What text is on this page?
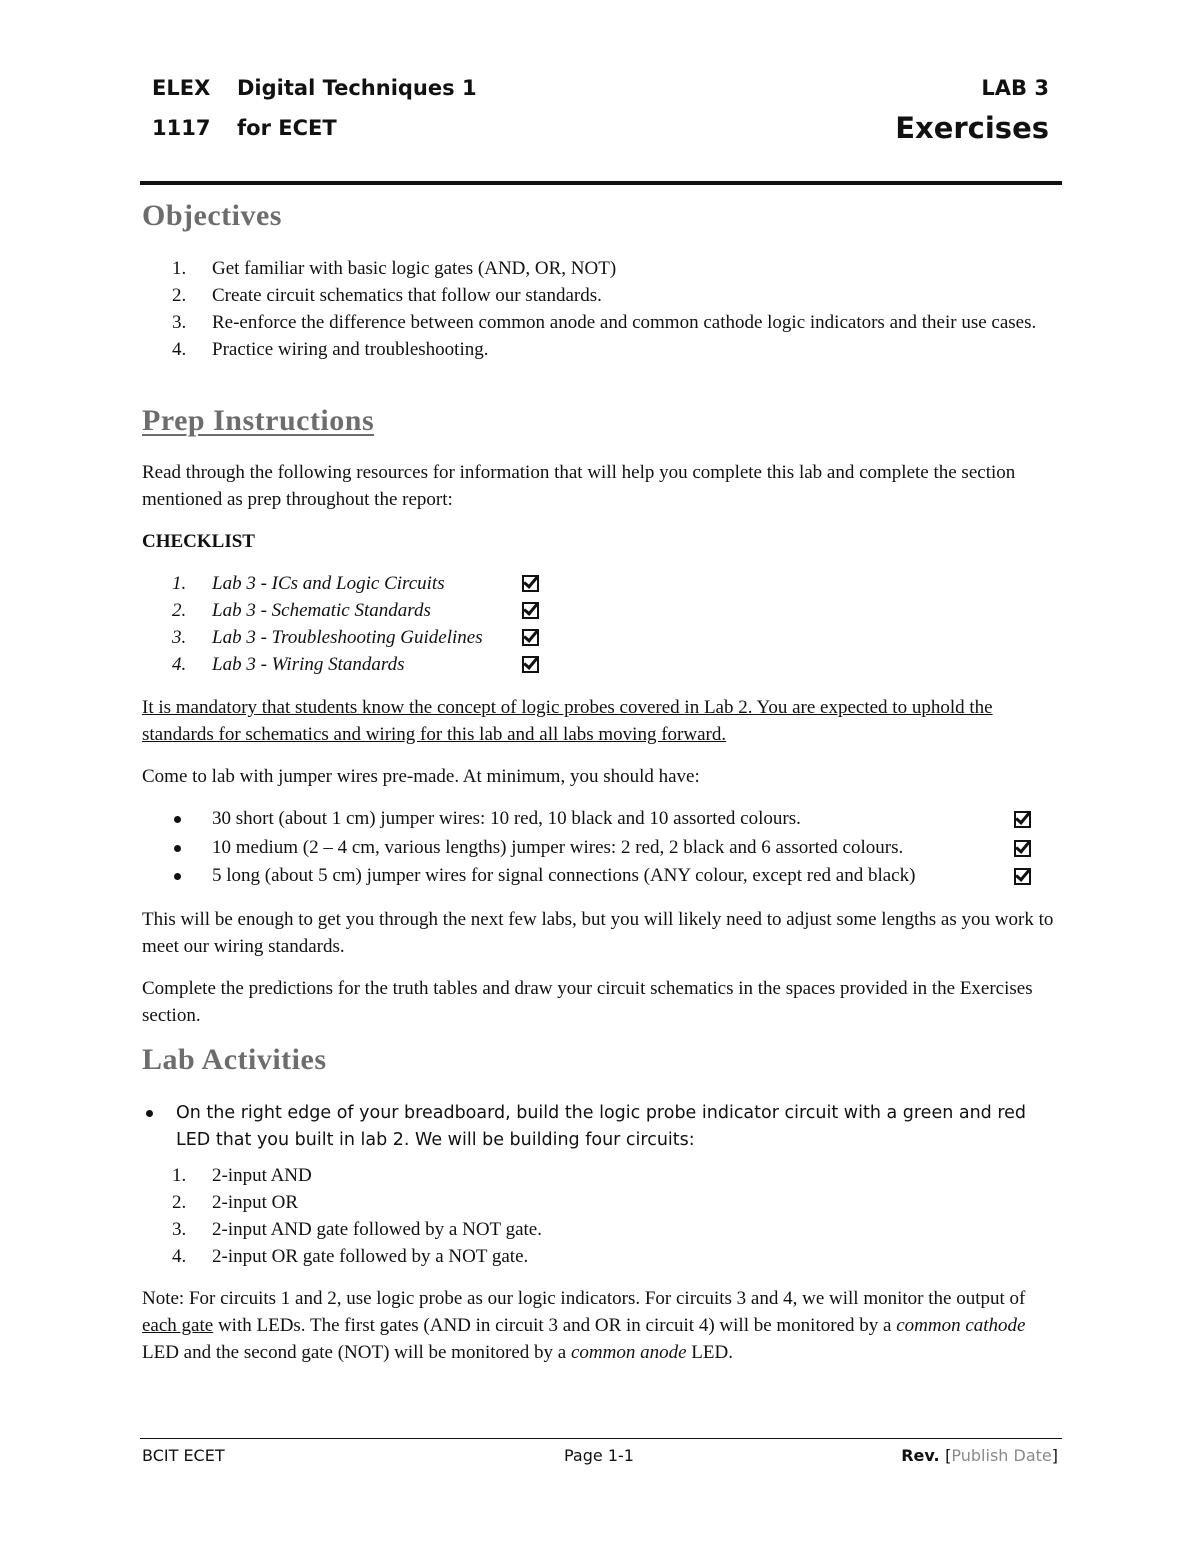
ELEX
1117
Digital Techniques 1
for ECET
LAB 3
Exercises
Objectives
1.	Get familiar with basic logic gates (AND, OR, NOT)
2.	Create circuit schematics that follow our standards.
3.	Re-enforce the difference between common anode and common cathode logic indicators and their use cases.
4.	Practice wiring and troubleshooting.
Prep Instructions

Read through the following resources for information that will help you complete this lab and complete the section mentioned as prep throughout the report:

CHECKLIST

1. Lab 3 - ICs and Logic Circuits
2. Lab 3 - Schematic Standards
3. Lab 3 - Troubleshooting Guidelines
4. Lab 3 - Wiring Standards

It is mandatory that students know the concept of logic probes covered in Lab 2. You are expected to uphold the standards for schematics and wiring for this lab and all labs moving forward.

Come to lab with jumper wires pre-made. At minimum, you should have:

30 short (about 1 cm) jumper wires: 10 red, 10 black and 10 assorted colours.
10 medium (2 – 4 cm, various lengths) jumper wires: 2 red, 2 black and 6 assorted colours.
5 long (about 5 cm) jumper wires for signal connections (ANY colour, except red and black)

This will be enough to get you through the next few labs, but you will likely need to adjust some lengths as you work to meet our wiring standards.

Complete the predictions for the truth tables and draw your circuit schematics in the spaces provided in the Exercises section.

Lab Activities
On the right edge of your breadboard, build the logic probe indicator circuit with a green and red LED that you built in lab 2. We will be building four circuits:
1.	2-input AND
2.	2-input OR
3.	2-input AND gate followed by a NOT gate.
4.	2-input OR gate followed by a NOT gate.

Note: For circuits 1 and 2, use logic probe as our logic indicators. For circuits 3 and 4, we will monitor the output of each gate with LEDs. The first gates (AND in circuit 3 and OR in circuit 4) will be monitored by a common cathode LED and the second gate (NOT) will be monitored by a common anode LED.

BCIT ECET	Page 1-1	Rev. [Publish Date]
